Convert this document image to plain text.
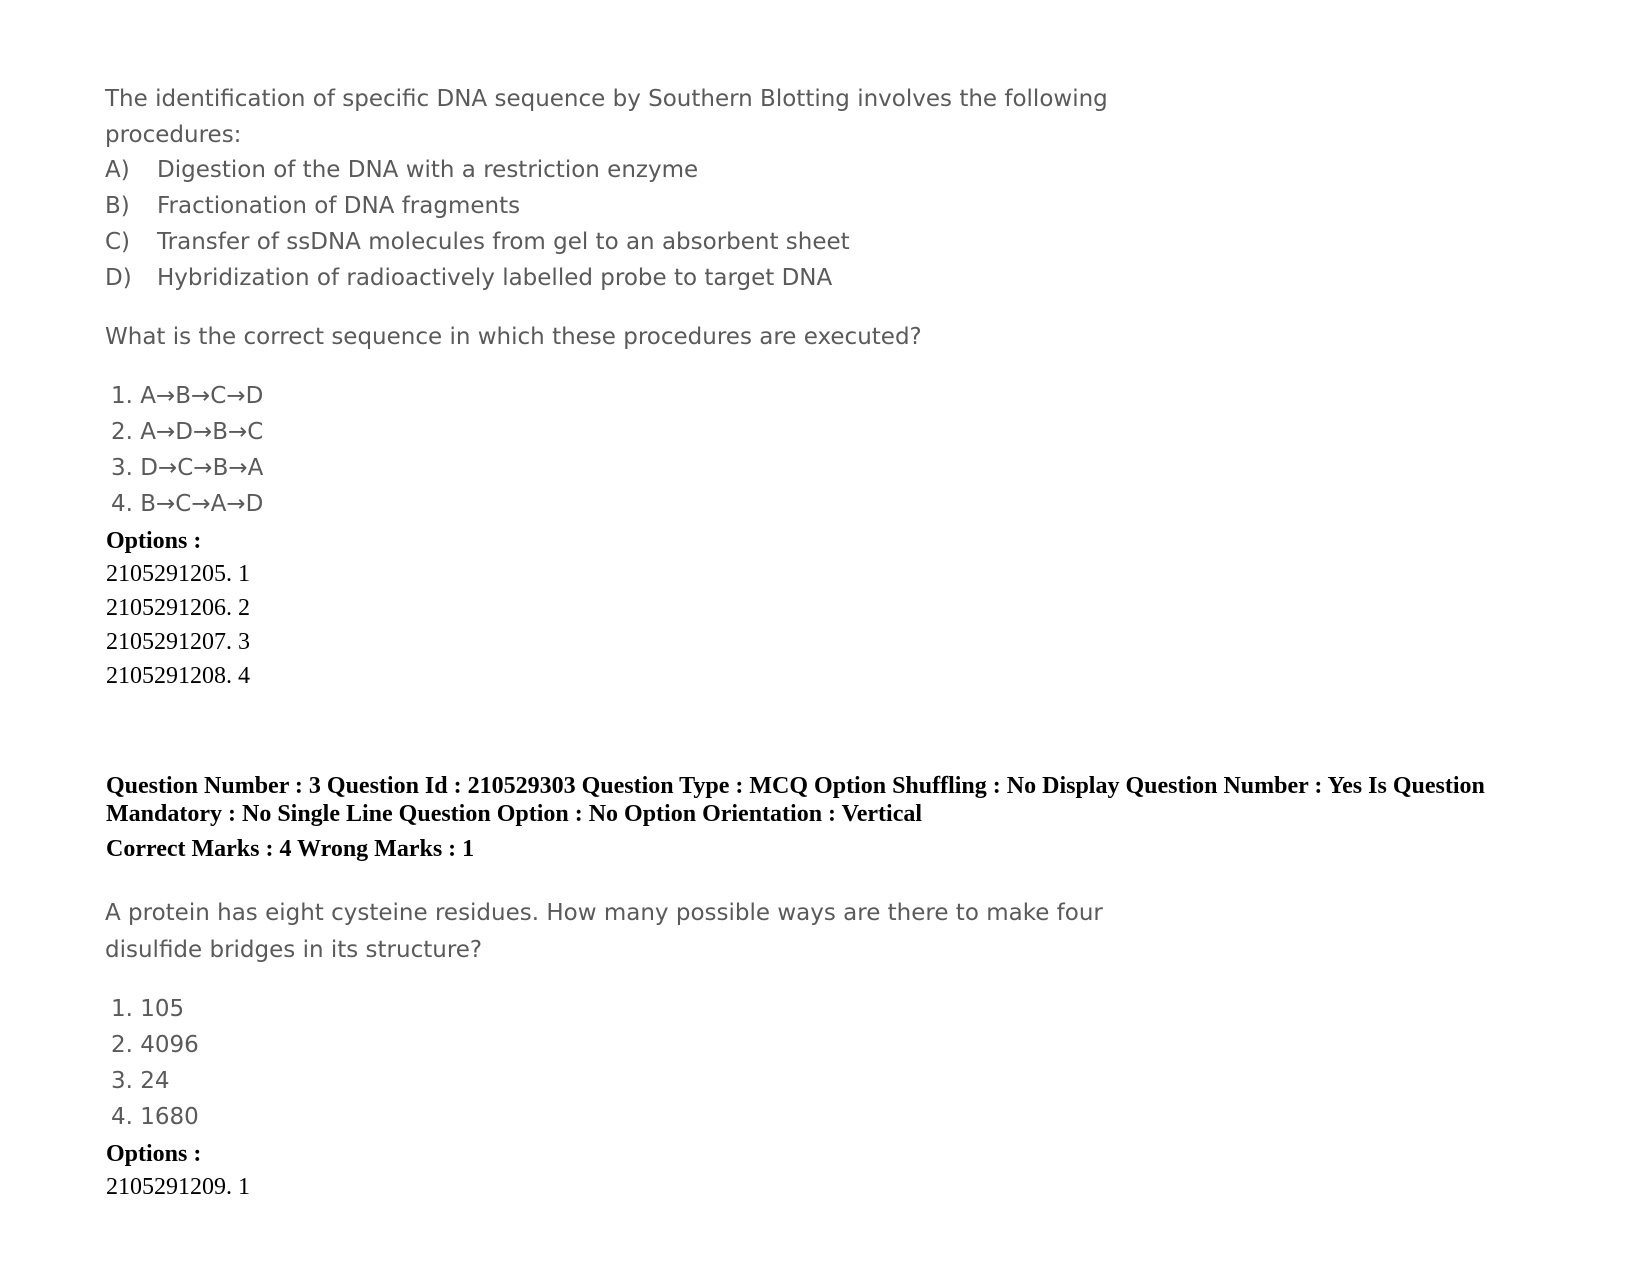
The identification of specific DNA sequence by Southern Blotting involves the following
procedures:
A) Digestion of the DNA with a restriction enzyme
B) Fractionation of DNA fragments
C) Transfer of ssDNA molecules from gel to an absorbent sheet
D) Hybridization of radioactively labelled probe to target DNA
What is the correct sequence in which these procedures are executed?
1. A→B→C→D
2. A→D→B→C
3. D→C→B→A
4. B→C→A→D
Options :
2105291205. 1
2105291206. 2
2105291207. 3
2105291208. 4
Question Number : 3 Question Id : 210529303 Question Type : MCQ Option Shuffling : No Display Question Number : Yes Is Question Mandatory : No Single Line Question Option : No Option Orientation : Vertical
Correct Marks : 4 Wrong Marks : 1
A protein has eight cysteine residues. How many possible ways are there to make four
disulfide bridges in its structure?
1. 105
2. 4096
3. 24
4. 1680
Options :
2105291209. 1
